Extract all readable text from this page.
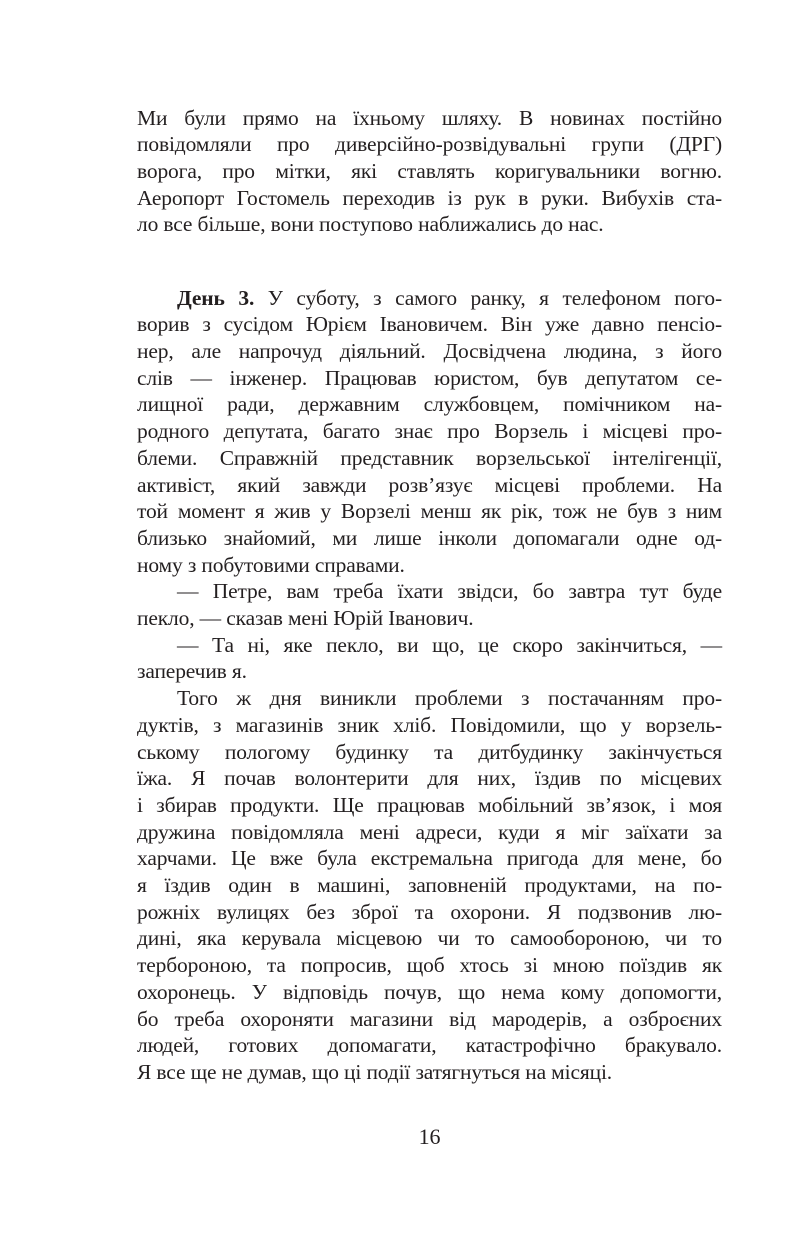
16
Ми були прямо на їхньому шляху. В новинах постійно
повідомляли про диверсійно-розвідувальні групи (ДРГ)
ворога, про мітки, які ставлять коригувальники вогню.
Аеропорт Гостомель переходив із рук в руки. Вибухів ста-
ло все більше, вони поступово наближались до нас.
День 3. У суботу, з самого ранку, я телефоном пого-
ворив з сусідом Юрієм Івановичем. Він уже давно пенсіо-
нер, але напрочуд діяльний. Досвідчена людина, з його
слів — інженер. Працював юристом, був депутатом се-
лищної ради, державним службовцем, помічником на-
родного депутата, багато знає про Ворзель і місцеві про-
блеми. Справжній представник ворзельської інтелігенції,
активіст, який завжди розв’язує місцеві проблеми. На
той момент я жив у Ворзелі менш як рік, тож не був з ним
близько знайомий, ми лише інколи допомагали одне од-
ному з побутовими справами.
— Петре, вам треба їхати звідси, бо завтра тут буде
пекло, — сказав мені Юрій Іванович.
— Та ні, яке пекло, ви що, це скоро закінчиться, —
заперечив я.
Того ж дня виникли проблеми з постачанням про-
дуктів, з магазинів зник хліб. Повідомили, що у ворзель-
ському пологому будинку та дитбудинку закінчується
їжа. Я почав волонтерити для них, їздив по місцевих
і збирав продукти. Ще працював мобільний зв’язок, і моя
дружина повідомляла мені адреси, куди я міг заїхати за
харчами. Це вже була екстремальна пригода для мене, бо
я їздив один в машині, заповненій продуктами, на по-
рожніх вулицях без зброї та охорони. Я подзвонив лю-
дині, яка керувала місцевою чи то самообороною, чи то
тербороною, та попросив, щоб хтось зі мною поїздив як
охоронець. У відповідь почув, що нема кому допомогти,
бо треба охороняти магазини від мародерів, а озброєних
людей, готових допомагати, катастрофічно бракувало.
Я все ще не думав, що ці події затягнуться на місяці.
